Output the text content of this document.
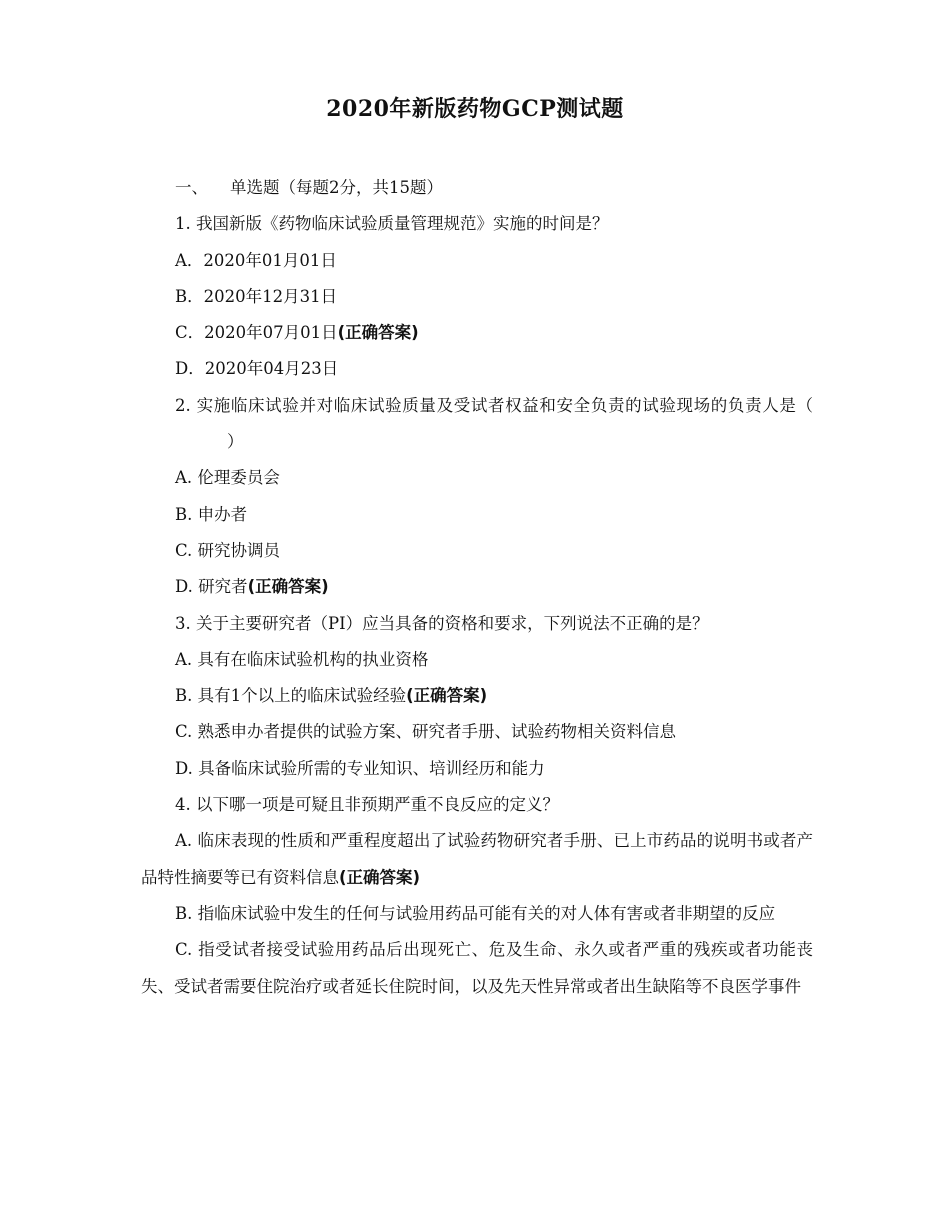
2020年新版药物GCP测试题
一、 单选题（每题2分，共15题）
1. 我国新版《药物临床试验质量管理规范》实施的时间是？
A．2020年01月01日
B．2020年12月31日
C．2020年07月01日(正确答案)
D．2020年04月23日

2. 实施临床试验并对临床试验质量及受试者权益和安全负责的试验现场的负责人是（）

A. 伦理委员会
B. 申办者
C. 研究协调员
D. 研究者(正确答案)
3. 关于主要研究者（PI）应当具备的资格和要求，下列说法不正确的是？
A. 具有在临床试验机构的执业资格
B. 具有1个以上的临床试验经验(正确答案)
C. 熟悉申办者提供的试验方案、研究者手册、试验药物相关资料信息
D. 具备临床试验所需的专业知识、培训经历和能力
4. 以下哪一项是可疑且非预期严重不良反应的定义？

A. 临床表现的性质和严重程度超出了试验药物研究者手册、已上市药品的说明书或者产品特性摘要等已有资料信息(正确答案)

B. 指临床试验中发生的任何与试验用药品可能有关的对人体有害或者非期望的反应

C. 指受试者接受试验用药品后出现死亡、危及生命、永久或者严重的残疾或者功能丧失、受试者需要住院治疗或者延长住院时间，以及先天性异常或者出生缺陷等不良医学事件
